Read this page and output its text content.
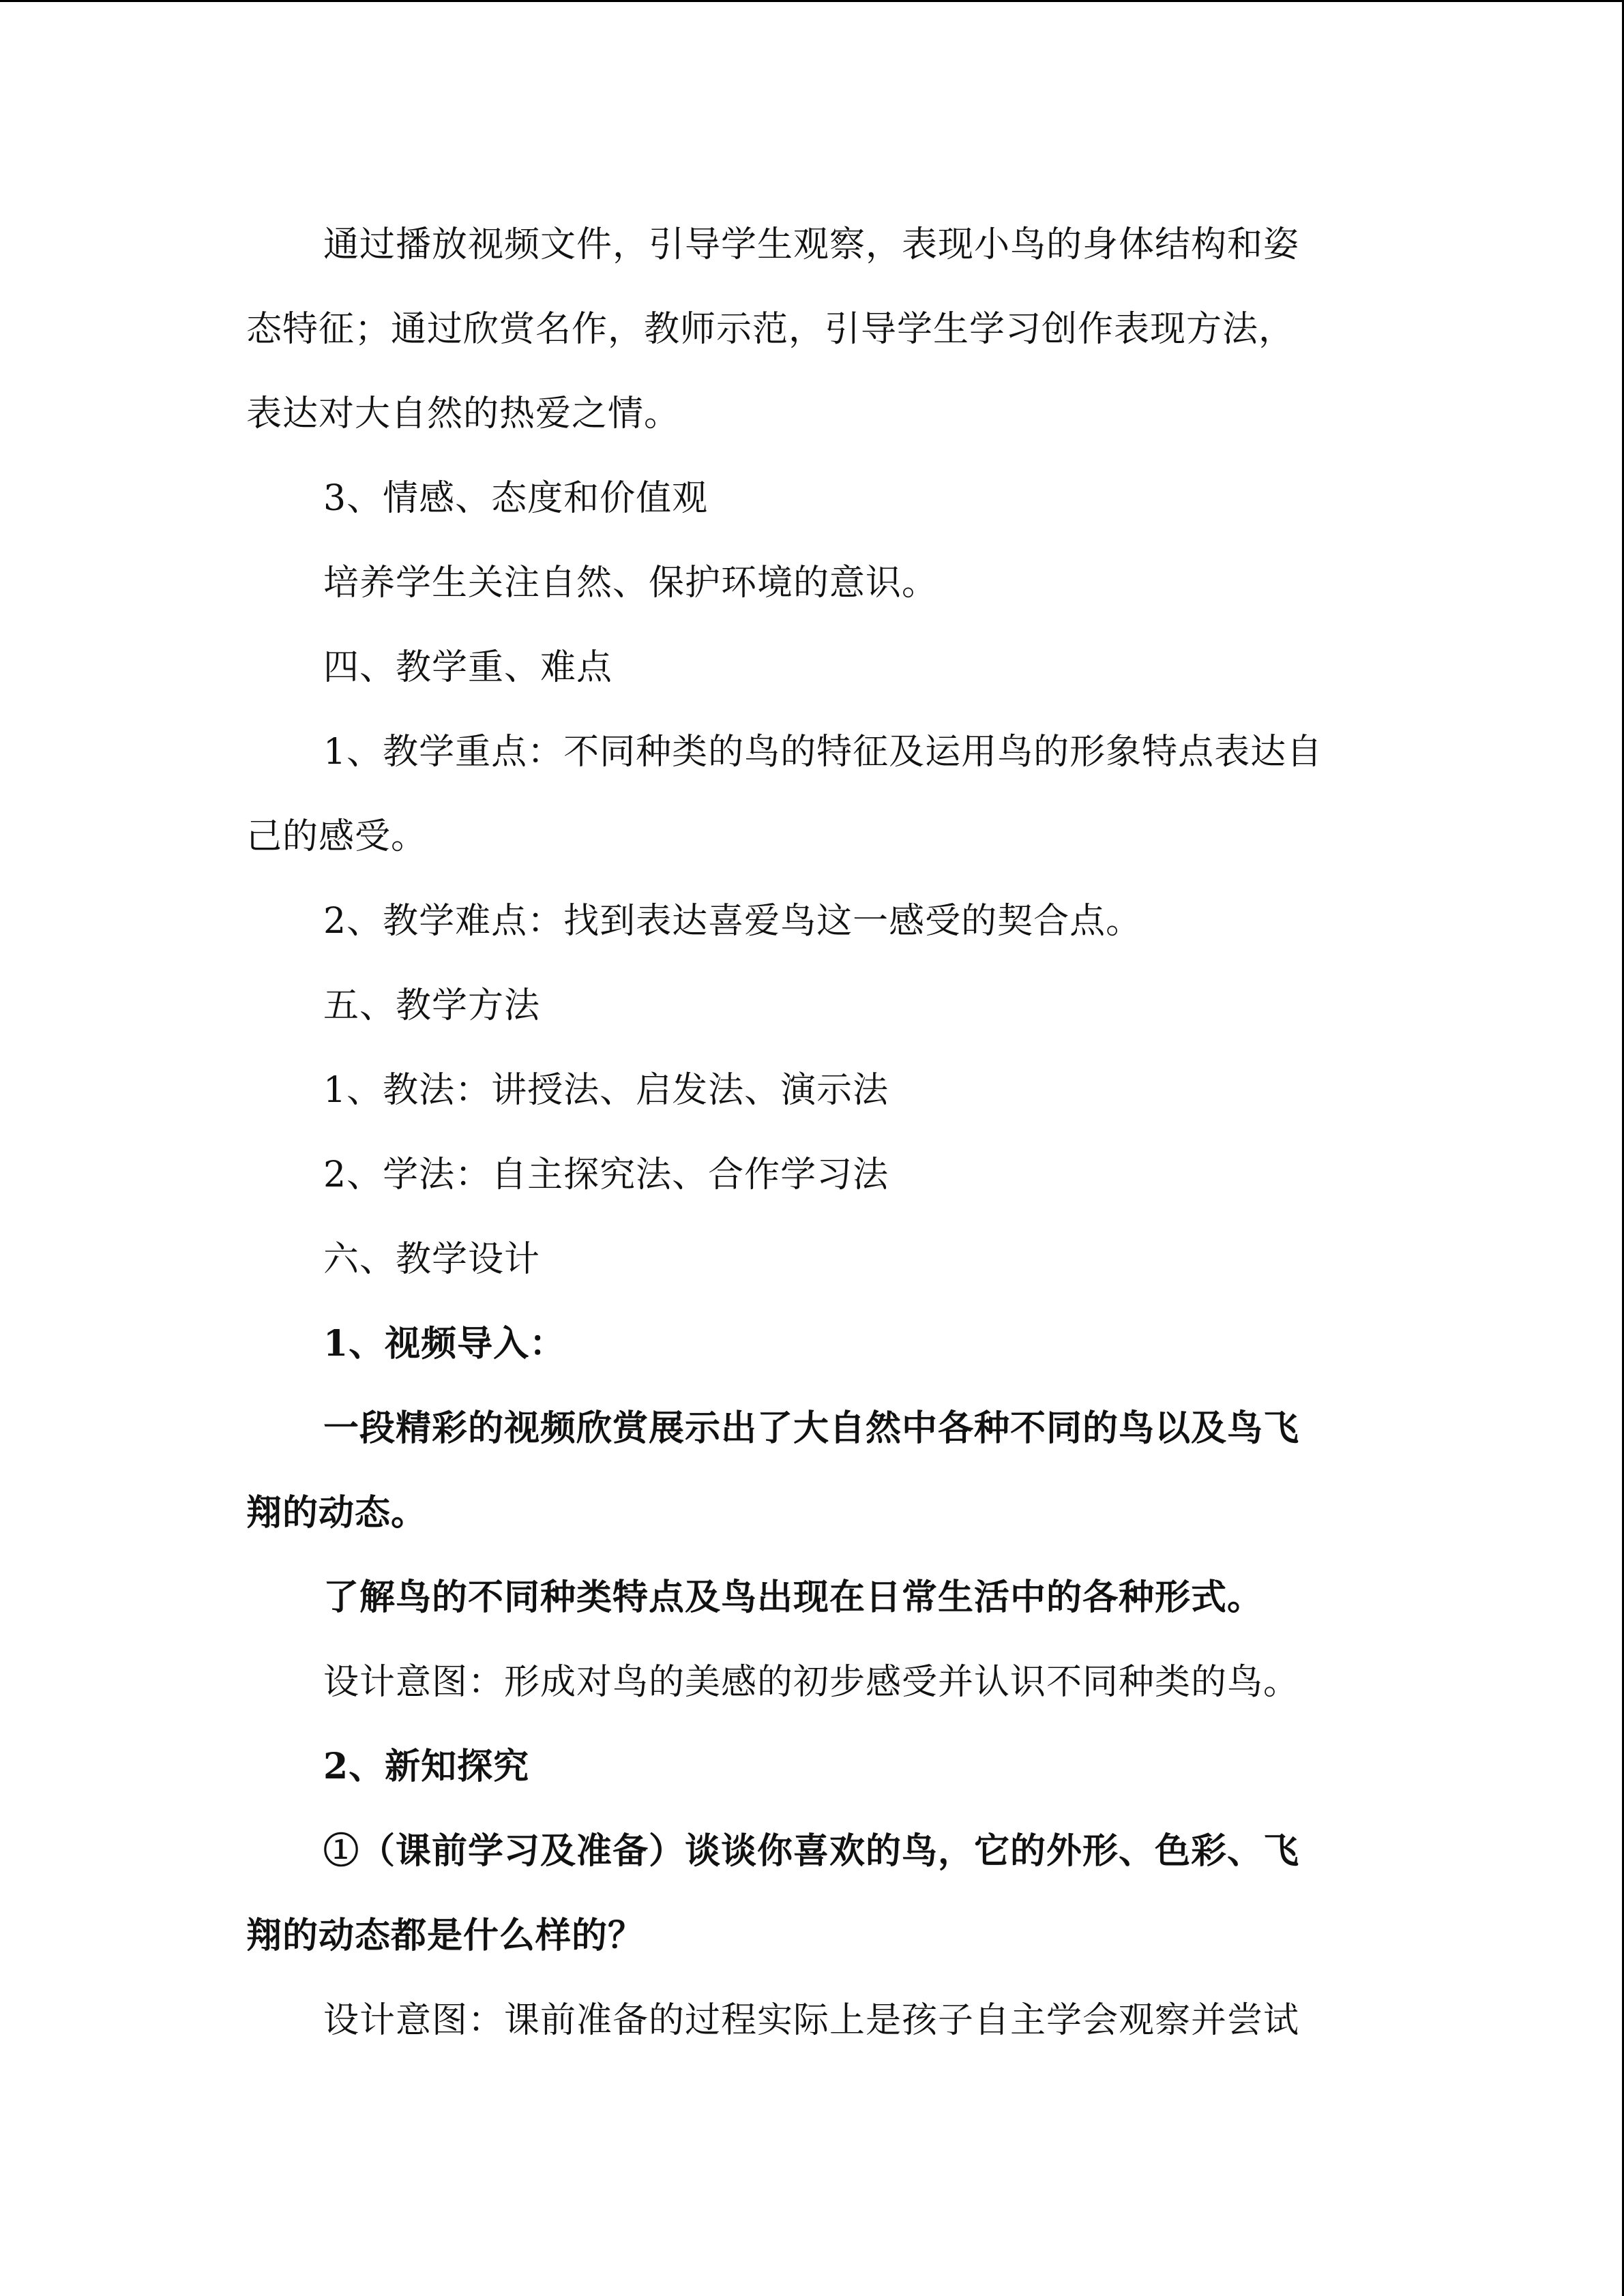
通过播放视频文件，引导学生观察，表现小鸟的身体结构和姿
态特征；通过欣赏名作，教师示范，引导学生学习创作表现方法，
表达对大自然的热爱之情。
3、情感、态度和价值观
培养学生关注自然、保护环境的意识。
四、教学重、难点
1、教学重点：不同种类的鸟的特征及运用鸟的形象特点表达自
己的感受。
2、教学难点：找到表达喜爱鸟这一感受的契合点。
五、教学方法
1、教法：讲授法、启发法、演示法
2、学法：自主探究法、合作学习法
六、教学设计
1、视频导入：
一段精彩的视频欣赏展示出了大自然中各种不同的鸟以及鸟飞
翔的动态。
了解鸟的不同种类特点及鸟出现在日常生活中的各种形式。
设计意图：形成对鸟的美感的初步感受并认识不同种类的鸟。
2、新知探究
①（课前学习及准备）谈谈你喜欢的鸟，它的外形、色彩、飞
翔的动态都是什么样的？
设计意图：课前准备的过程实际上是孩子自主学会观察并尝试
